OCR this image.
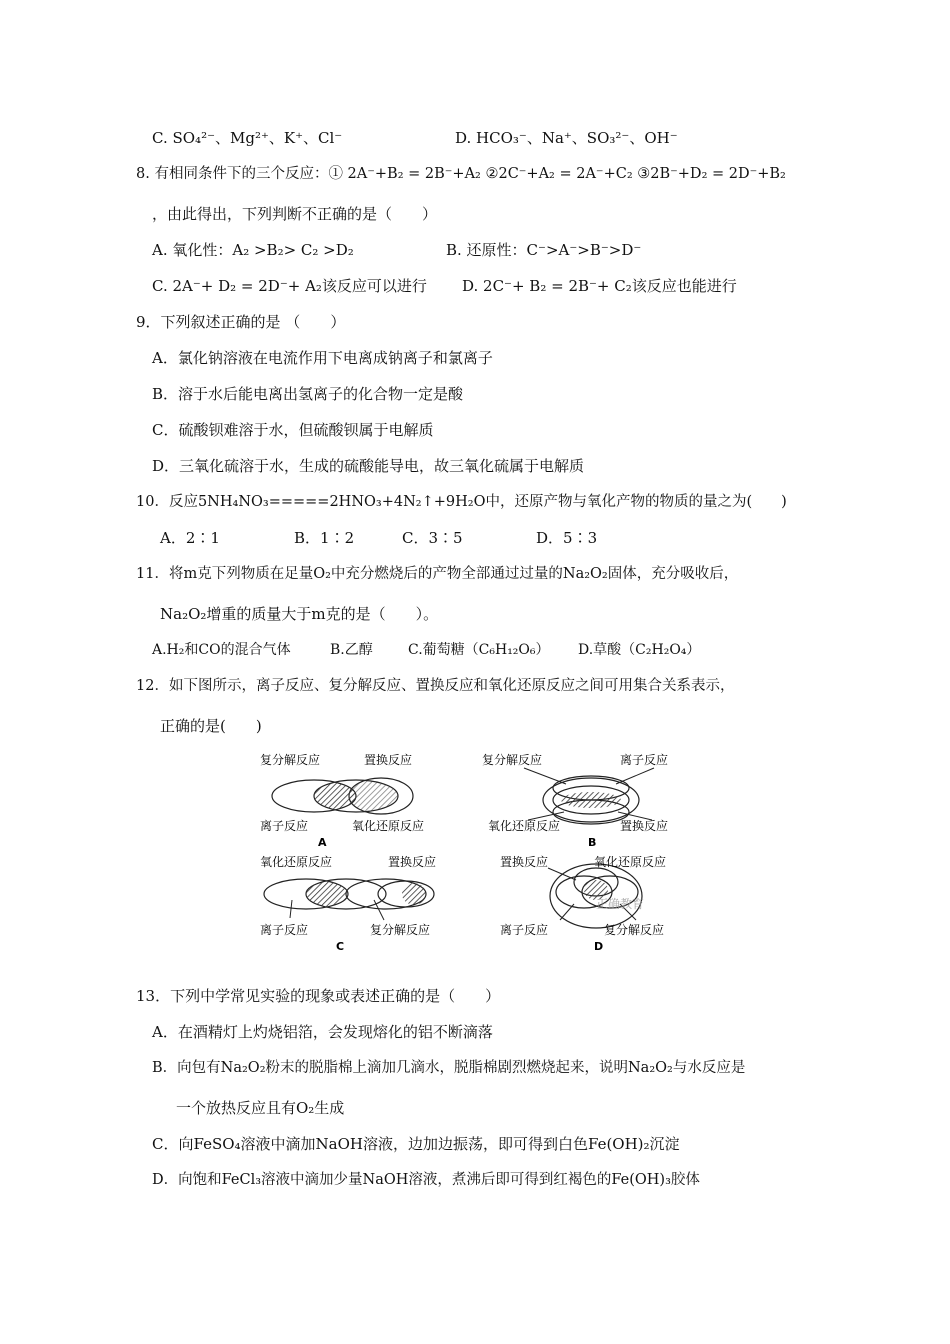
C. SO₄²⁻、Mg²⁺、K⁺、Cl⁻	D. HCO₃⁻、Na⁺、SO₃²⁻、OH⁻
8. 有相同条件下的三个反应：① 2A⁻+B₂ = 2B⁻+A₂ ②2C⁻+A₂ = 2A⁻+C₂ ③2B⁻+D₂ = 2D⁻+B₂
，由此得出，下列判断不正确的是（　　）
A. 氧化性：A₂ >B₂> C₂ >D₂	B. 还原性：C⁻>A⁻>B⁻>D⁻
C. 2A⁻+ D₂ = 2D⁻+ A₂该反应可以进行 D. 2C⁻+ B₂ = 2B⁻+ C₂该反应也能进行
9．下列叙述正确的是 （　　）
A．氯化钠溶液在电流作用下电离成钠离子和氯离子
B．溶于水后能电离出氢离子的化合物一定是酸
C．硫酸钡难溶于水，但硫酸钡属于电解质
D．三氧化硫溶于水，生成的硫酸能导电，故三氧化硫属于电解质
10．反应5NH₄NO₃=====2HNO₃+4N₂↑+9H₂O中，还原产物与氧化产物的物质的量之为(　　)
A．2∶1	B．1∶2	C．3∶5	D．5∶3
11．将m克下列物质在足量O₂中充分燃烧后的产物全部通过过量的Na₂O₂固体，充分吸收后，
Na₂O₂增重的质量大于m克的是（　　）。
A.H₂和CO的混合气体	B.乙醇	C.葡萄糖（C₆H₁₂O₆） D.草酸（C₂H₂O₄）
12．如下图所示，离子反应、复分解反应、置换反应和氧化还原反应之间可用集合关系表示，
正确的是(　　)
复分解反应	置换反应
离子反应	氧化还原反应
A
复分解反应	离子反应
氧化还原反应	置换反应
B
氧化还原反应	置换反应
离子反应	复分解反应
C
置换反应	氧化还原反应
离子反应	复分解反应
正确教育
D
13．下列中学常见实验的现象或表述正确的是（　　）
A．在酒精灯上灼烧铝箔，会发现熔化的铝不断滴落
B．向包有Na₂O₂粉末的脱脂棉上滴加几滴水，脱脂棉剧烈燃烧起来，说明Na₂O₂与水反应是
一个放热反应且有O₂生成
C．向FeSO₄溶液中滴加NaOH溶液，边加边振荡，即可得到白色Fe(OH)₂沉淀
D．向饱和FeCl₃溶液中滴加少量NaOH溶液，煮沸后即可得到红褐色的Fe(OH)₃胶体
